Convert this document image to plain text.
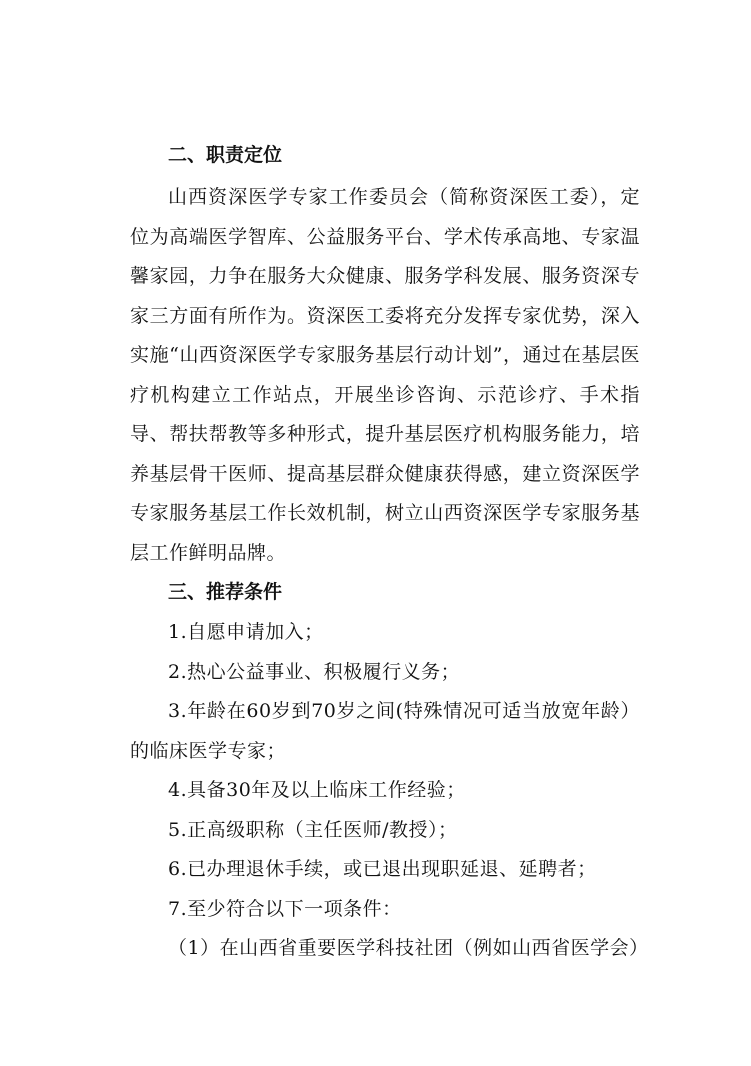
二、职责定位

山西资深医学专家工作委员会（简称资深医工委），定位为高端医学智库、公益服务平台、学术传承高地、专家温馨家园，力争在服务大众健康、服务学科发展、服务资深专家三方面有所作为。资深医工委将充分发挥专家优势，深入实施“山西资深医学专家服务基层行动计划”，通过在基层医疗机构建立工作站点，开展坐诊咨询、示范诊疗、手术指导、帮扶帮教等多种形式，提升基层医疗机构服务能力，培养基层骨干医师、提高基层群众健康获得感，建立资深医学专家服务基层工作长效机制，树立山西资深医学专家服务基层工作鲜明品牌。

三、推荐条件

1.自愿申请加入；

2.热心公益事业、积极履行义务；

3.年龄在60岁到70岁之间(特殊情况可适当放宽年龄）的临床医学专家；

4.具备30年及以上临床工作经验；

5.正高级职称（主任医师/教授）；

6.已办理退休手续，或已退出现职延退、延聘者；

7.至少符合以下一项条件：

（1）在山西省重要医学科技社团（例如山西省医学会）
